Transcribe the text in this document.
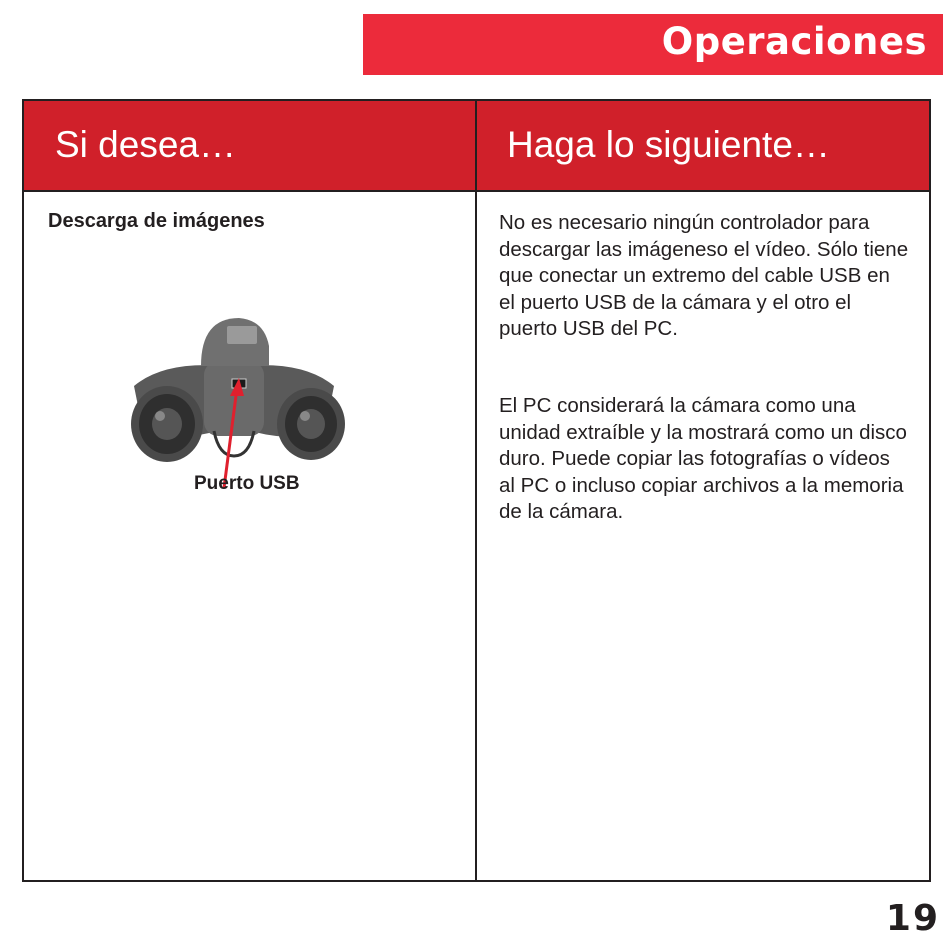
Operaciones
Si desea…	Haga lo siguiente…
Descarga de imágenes
Puerto USB
No es necesario ningún controlador para descargar las imágeneso el vídeo. Sólo tiene que conectar un extremo del cable USB en el puerto USB de la cámara y el otro el puerto USB del PC.
El PC considerará la cámara como una unidad extraíble y la mostrará como un disco duro. Puede copiar las fotografías o vídeos al PC o incluso copiar archivos a la memoria de la cámara.
19
